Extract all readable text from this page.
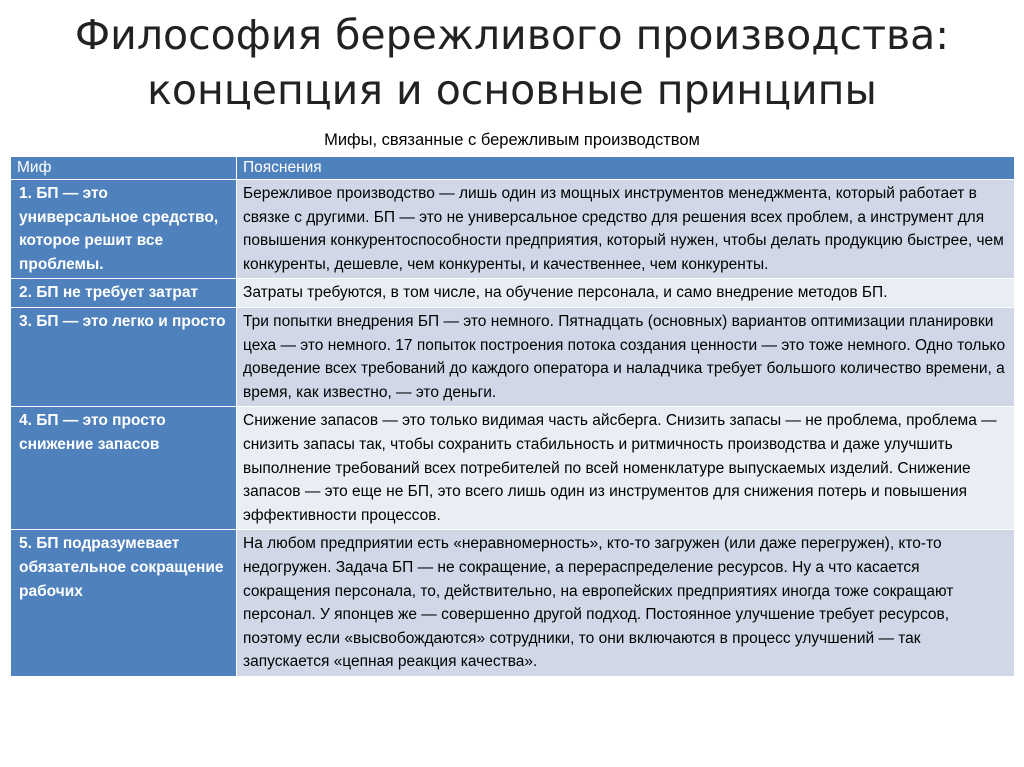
Философия бережливого производства:
концепция и основные принципы
Мифы, связанные с бережливым производством
Миф	Пояснения
1. БП — это универсальное средство, которое решит все проблемы.	Бережливое производство — лишь один из мощных инструментов менеджмента, который работает в связке с другими. БП — это не универсальное средство для решения всех проблем, а инструмент для повышения конкурентоспособности предприятия, который нужен, чтобы делать продукцию быстрее, чем конкуренты, дешевле, чем конкуренты, и качественнее, чем конкуренты.
2. БП не требует затрат	Затраты требуются, в том числе, на обучение персонала, и само внедрение методов БП.
3. БП — это легко и просто	Три попытки внедрения БП — это немного. Пятнадцать (основных) вариантов оптимизации планировки цеха — это немного. 17 попыток построения потока создания ценности — это тоже немного. Одно только доведение всех требований до каждого оператора и наладчика требует большого количество времени, а время, как известно, — это деньги.
4. БП — это просто снижение запасов	Снижение запасов — это только видимая часть айсберга. Снизить запасы — не проблема, проблема — снизить запасы так, чтобы сохранить стабильность и ритмичность производства и даже улучшить выполнение требований всех потребителей по всей номенклатуре выпускаемых изделий. Снижение запасов — это еще не БП, это всего лишь один из инструментов для снижения потерь и повышения эффективности процессов.
5. БП подразумевает обязательное сокращение рабочих	На любом предприятии есть «неравномерность», кто-то загружен (или даже перегружен), кто-то недогружен. Задача БП — не сокращение, а перераспределение ресурсов. Ну а что касается сокращения персонала, то, действительно, на европейских предприятиях иногда тоже сокращают персонал. У японцев же — совершенно другой подход. Постоянное улучшение требует ресурсов, поэтому если «высвобождаются» сотрудники, то они включаются в процесс улучшений — так запускается «цепная реакция качества».
